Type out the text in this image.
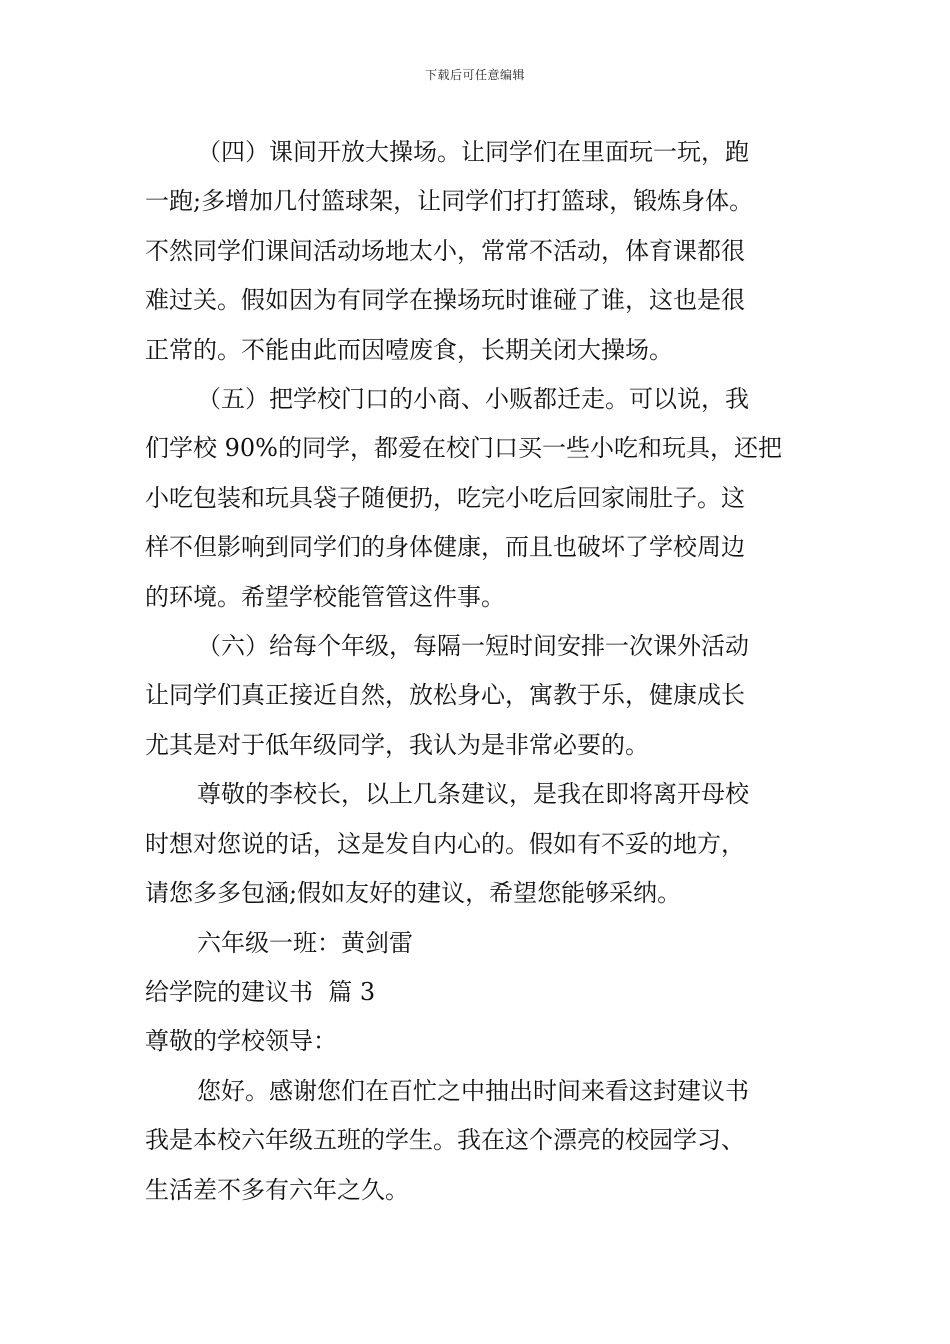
下载后可任意编辑
（四）课间开放大操场。让同学们在里面玩一玩，跑
一跑;多增加几付篮球架，让同学们打打篮球，锻炼身体。
不然同学们课间活动场地太小，常常不活动，体育课都很
难过关。假如因为有同学在操场玩时谁碰了谁，这也是很
正常的。不能由此而因噎废食，长期关闭大操场。
（五）把学校门口的小商、小贩都迁走。可以说，我
们学校 90%的同学，都爱在校门口买一些小吃和玩具，还把
小吃包装和玩具袋子随便扔，吃完小吃后回家闹肚子。这
样不但影响到同学们的身体健康，而且也破坏了学校周边
的环境。希望学校能管管这件事。
（六）给每个年级，每隔一短时间安排一次课外活动
让同学们真正接近自然，放松身心，寓教于乐，健康成长
尤其是对于低年级同学，我认为是非常必要的。
尊敬的李校长，以上几条建议，是我在即将离开母校
时想对您说的话，这是发自内心的。假如有不妥的地方，
请您多多包涵;假如友好的建议，希望您能够采纳。
六年级一班：黄剑雷
给学院的建议书  篇 3
尊敬的学校领导：
您好。感谢您们在百忙之中抽出时间来看这封建议书
我是本校六年级五班的学生。我在这个漂亮的校园学习、
生活差不多有六年之久。
